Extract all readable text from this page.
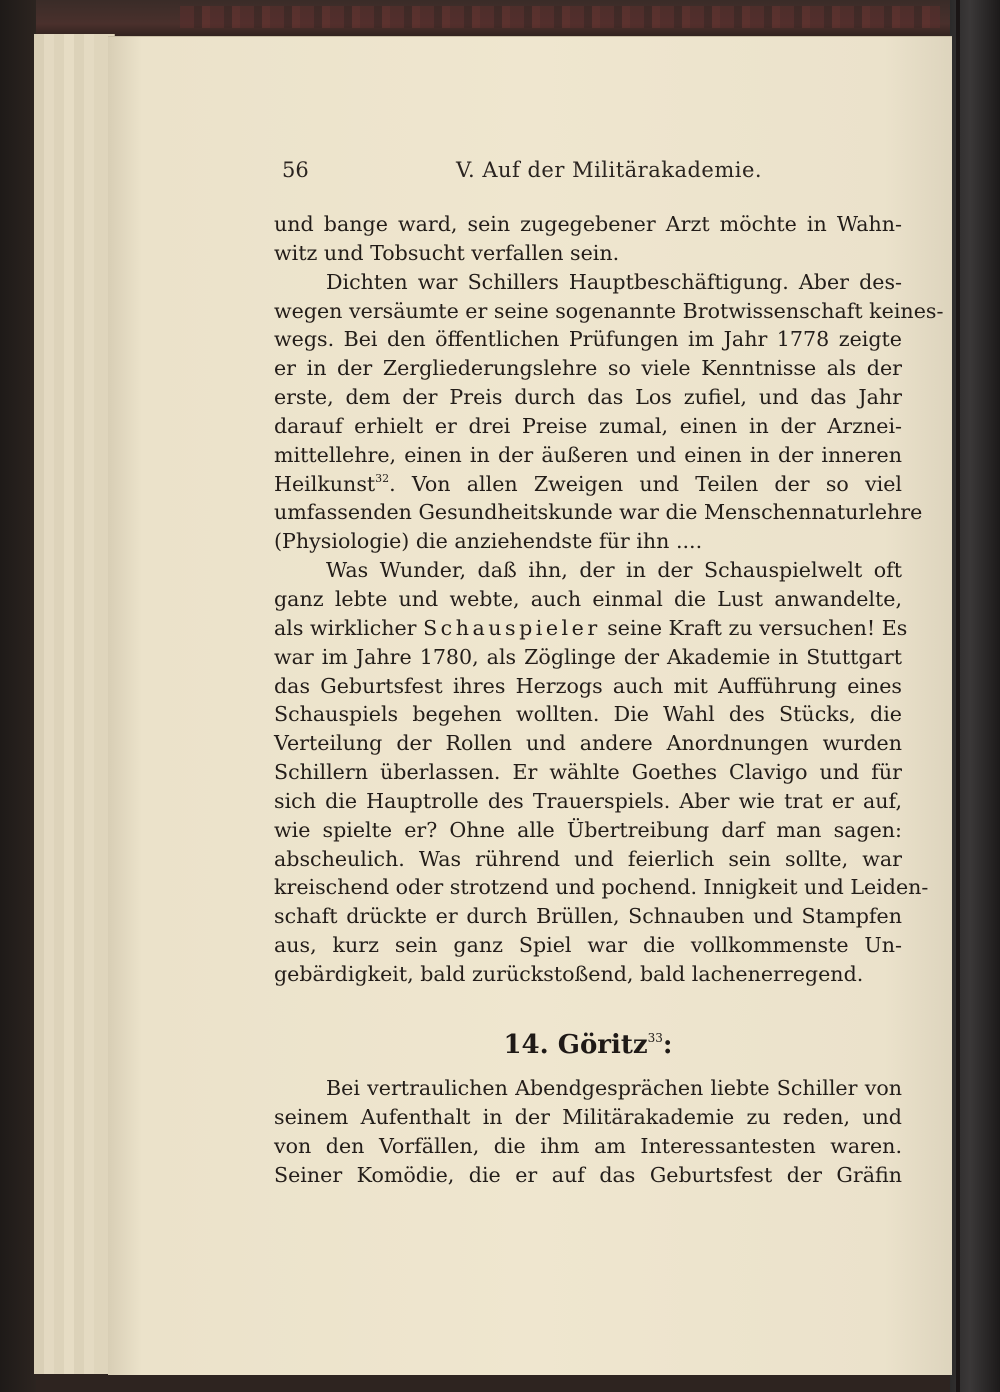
56	V. Auf der Militärakademie.
und bange ward, sein zugegebener Arzt möchte in Wahn-
witz und Tobsucht verfallen sein.
Dichten war Schillers Hauptbeschäftigung. Aber des-
wegen versäumte er seine sogenannte Brotwissenschaft keines-
wegs. Bei den öffentlichen Prüfungen im Jahr 1778 zeigte
er in der Zergliederungslehre so viele Kenntnisse als der
erste, dem der Preis durch das Los zufiel, und das Jahr
darauf erhielt er drei Preise zumal, einen in der Arznei-
mittellehre, einen in der äußeren und einen in der inneren
Heilkunst$^{32}$. Von allen Zweigen und Teilen der so viel
umfassenden Gesundheitskunde war die Menschennaturlehre
(Physiologie) die anziehendste für ihn ....
Was Wunder, daß ihn, der in der Schauspielwelt oft
ganz lebte und webte, auch einmal die Lust anwandelte,
als wirklicher Schauspieler seine Kraft zu versuchen! Es
war im Jahre 1780, als Zöglinge der Akademie in Stuttgart
das Geburtsfest ihres Herzogs auch mit Aufführung eines
Schauspiels begehen wollten. Die Wahl des Stücks, die
Verteilung der Rollen und andere Anordnungen wurden
Schillern überlassen. Er wählte Goethes Clavigo und für
sich die Hauptrolle des Trauerspiels. Aber wie trat er auf,
wie spielte er? Ohne alle Übertreibung darf man sagen:
abscheulich. Was rührend und feierlich sein sollte, war
kreischend oder strotzend und pochend. Innigkeit und Leiden-
schaft drückte er durch Brüllen, Schnauben und Stampfen
aus, kurz sein ganz Spiel war die vollkommenste Un-
gebärdigkeit, bald zurückstoßend, bald lachenerregend.
14. Göritz$^{33}$:
Bei vertraulichen Abendgesprächen liebte Schiller von
seinem Aufenthalt in der Militärakademie zu reden, und
von den Vorfällen, die ihm am Interessantesten waren.
Seiner Komödie, die er auf das Geburtsfest der Gräfin
